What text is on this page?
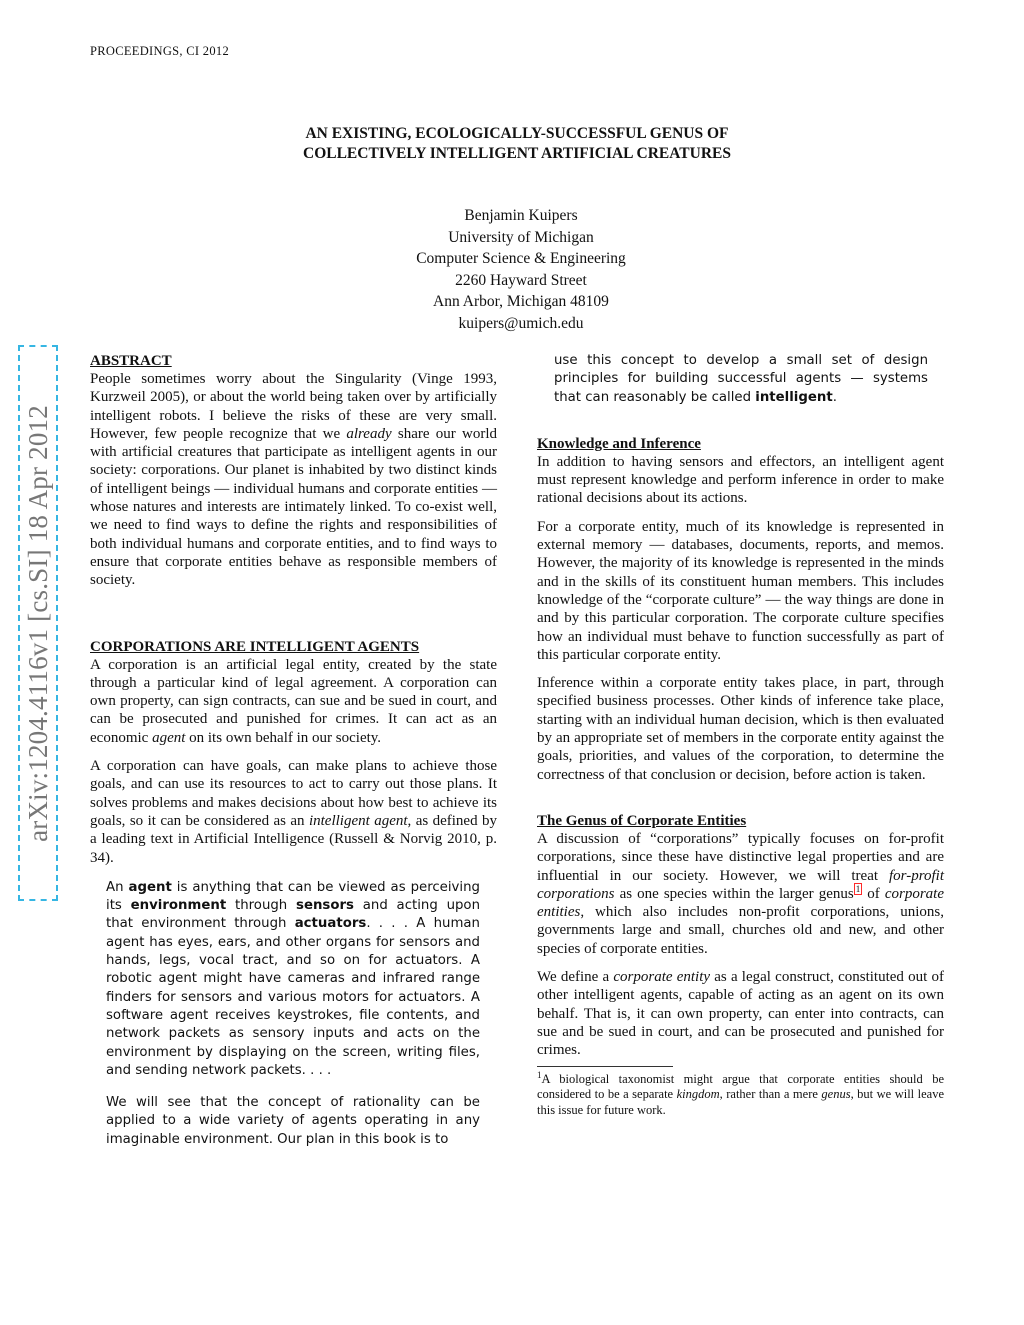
PROCEEDINGS, CI 2012
AN EXISTING, ECOLOGICALLY-SUCCESSFUL GENUS OF
COLLECTIVELY INTELLIGENT ARTIFICIAL CREATURES
Benjamin Kuipers
University of Michigan
Computer Science & Engineering
2260 Hayward Street
Ann Arbor, Michigan 48109
kuipers@umich.edu
arXiv:1204.4116v1 [cs.SI] 18 Apr 2012
ABSTRACT

People sometimes worry about the Singularity (Vinge 1993, Kurzweil 2005), or about the world being taken over by artificially intelligent robots. I believe the risks of these are very small. However, few people recognize that we already share our world with artificial creatures that participate as intelligent agents in our society: corporations. Our planet is inhabited by two distinct kinds of intelligent beings — individual humans and corporate entities — whose natures and interests are intimately linked. To co-exist well, we need to find ways to define the rights and responsibilities of both individual humans and corporate entities, and to find ways to ensure that corporate entities behave as responsible members of society.

CORPORATIONS ARE INTELLIGENT AGENTS

A corporation is an artificial legal entity, created by the state through a particular kind of legal agreement. A corporation can own property, can sign contracts, can sue and be sued in court, and can be prosecuted and punished for crimes. It can act as an economic agent on its own behalf in our society.

A corporation can have goals, can make plans to achieve those goals, and can use its resources to act to carry out those plans. It solves problems and makes decisions about how best to achieve its goals, so it can be considered as an intelligent agent, as defined by a leading text in Artificial Intelligence (Russell & Norvig 2010, p. 34).

An agent is anything that can be viewed as perceiving its environment through sensors and acting upon that environment through actuators. . . . A human agent has eyes, ears, and other organs for sensors and hands, legs, vocal tract, and so on for actuators. A robotic agent might have cameras and infrared range finders for sensors and various motors for actuators. A software agent receives keystrokes, file contents, and network packets as sensory inputs and acts on the environment by displaying on the screen, writing files, and sending network packets. . . .
We will see that the concept of rationality can be applied to a wide variety of agents operating in any imaginable environment. Our plan in this book is to
use this concept to develop a small set of design principles for building successful agents — systems that can reasonably be called intelligent.
Knowledge and Inference

In addition to having sensors and effectors, an intelligent agent must represent knowledge and perform inference in order to make rational decisions about its actions.

For a corporate entity, much of its knowledge is represented in external memory — databases, documents, reports, and memos. However, the majority of its knowledge is represented in the minds and in the skills of its constituent human members. This includes knowledge of the “corporate culture” — the way things are done in and by this particular corporation. The corporate culture specifies how an individual must behave to function successfully as part of this particular corporate entity.

Inference within a corporate entity takes place, in part, through specified business processes. Other kinds of inference take place, starting with an individual human decision, which is then evaluated by an appropriate set of members in the corporate entity against the goals, priorities, and values of the corporation, to determine the correctness of that conclusion or decision, before action is taken.

The Genus of Corporate Entities

A discussion of “corporations” typically focuses on for-profit corporations, since these have distinctive legal properties and are influential in our society. However, we will treat for-profit corporations as one species within the larger genus $^1$ of corporate entities, which also includes non-profit corporations, unions, governments large and small, churches old and new, and other species of corporate entities.

We define a corporate entity as a legal construct, constituted out of other intelligent agents, capable of acting as an agent on its own behalf. That is, it can own property, can enter into contracts, can sue and be sued in court, and can be prosecuted and punished for crimes.

$^1$A biological taxonomist might argue that corporate entities should be considered to be a separate kingdom, rather than a mere genus, but we will leave this issue for future work.
